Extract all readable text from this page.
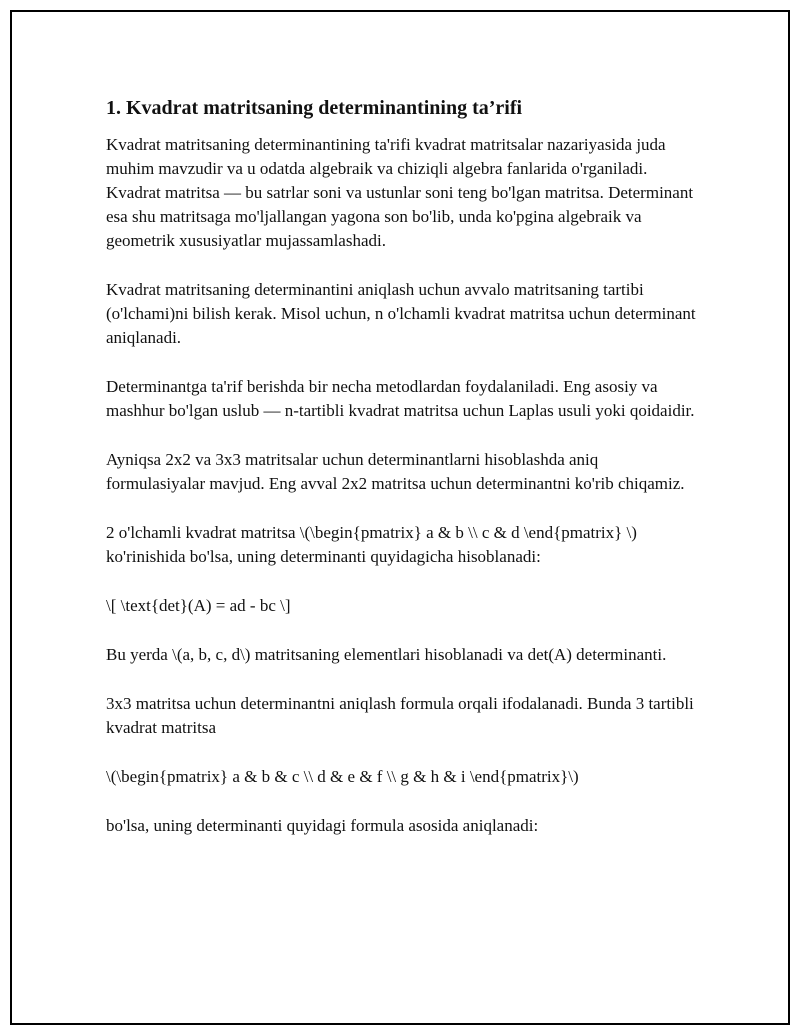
1. Kvadrat matritsaning determinantining ta’rifi

Kvadrat matritsaning determinantining ta'rifi kvadrat matritsalar nazariyasida juda muhim mavzudir va u odatda algebraik va chiziqli algebra fanlarida o'rganiladi. Kvadrat matritsa — bu satrlar soni va ustunlar soni teng bo'lgan matritsa. Determinant esa shu matritsaga mo'ljallangan yagona son bo'lib, unda ko'pgina algebraik va geometrik xususiyatlar mujassamlashadi.

Kvadrat matritsaning determinantini aniqlash uchun avvalo matritsaning tartibi (o'lchami)ni bilish kerak. Misol uchun, n o'lchamli kvadrat matritsa uchun determinant aniqlanadi.

Determinantga ta'rif berishda bir necha metodlardan foydalaniladi. Eng asosiy va mashhur bo'lgan uslub — n-tartibli kvadrat matritsa uchun Laplas usuli yoki qoidaidir.

Ayniqsa 2x2 va 3x3 matritsalar uchun determinantlarni hisoblashda aniq formulasiyalar mavjud. Eng avval 2x2 matritsa uchun determinantni ko'rib chiqamiz.

2 o'lchamli kvadrat matritsa \(\begin{pmatrix} a & b \\ c & d \end{pmatrix} \) ko'rinishida bo'lsa, uning determinanti quyidagicha hisoblanadi:

\[ \text{det}(A) = ad - bc \]

Bu yerda \(a, b, c, d\) matritsaning elementlari hisoblanadi va det(A) determinanti.

3x3 matritsa uchun determinantni aniqlash formula orqali ifodalanadi. Bunda 3 tartibli kvadrat matritsa

\(\begin{pmatrix} a & b & c \\ d & e & f \\ g & h & i \end{pmatrix}\)

bo'lsa, uning determinanti quyidagi formula asosida aniqlanadi:
